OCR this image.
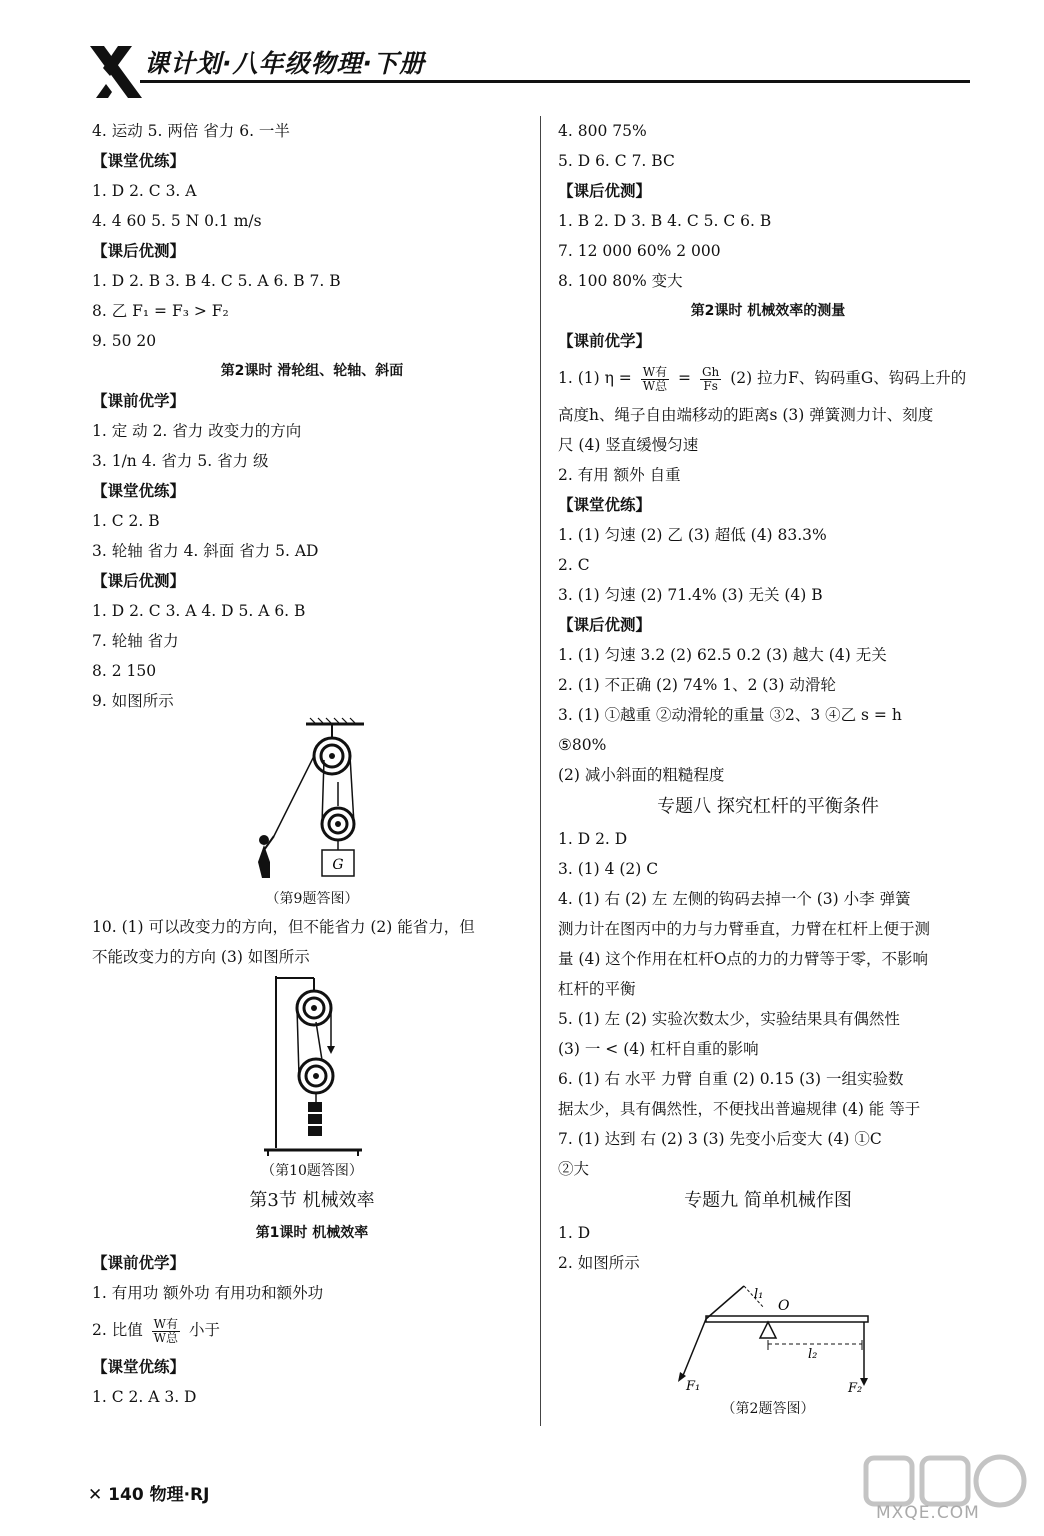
课计划·八年级物理·下册
4. 运动 5. 两倍 省力 6. 一半
【课堂优练】
1. D 2. C 3. A
4. 4 60 5. 5 N 0.1 m/s
【课后优测】
1. D 2. B 3. B 4. C 5. A 6. B 7. B
8. 乙 F₁ = F₃ > F₂
9. 50 20
第2课时 滑轮组、轮轴、斜面
【课前优学】
1. 定 动 2. 省力 改变力的方向
3. 1/n 4. 省力 5. 省力 级
【课堂优练】
1. C 2. B
3. 轮轴 省力 4. 斜面 省力 5. AD
【课后优测】
1. D 2. C 3. A 4. D 5. A 6. B
7. 轮轴 省力
8. 2 150
9. 如图所示
G
（第9题答图）
10. (1) 可以改变力的方向，但不能省力 (2) 能省力，但
不能改变力的方向 (3) 如图所示
（第10题答图）
第3节 机械效率
第1课时 机械效率
【课前优学】
1. 有用功 额外功 有用功和额外功
2. 比值 $\frac{\text{W有}}{\text{W总}}$ 小于
【课堂优练】
1. C 2. A 3. D
4. 800 75%
5. D 6. C 7. BC
【课后优测】
1. B 2. D 3. B 4. C 5. C 6. B
7. 12 000 60% 2 000
8. 100 80% 变大
第2课时 机械效率的测量
【课前优学】
1. (1) $\eta = \frac{\text{W有}}{\text{W总}} = \frac{Gh}{Fs} (2)$ 拉力F、钩码重G、钩码上升的
高度h、绳子自由端移动的距离s (3) 弹簧测力计、刻度
尺 (4) 竖直缓慢匀速
2. 有用 额外 自重
【课堂优练】
1. (1) 匀速 (2) 乙 (3) 超低 (4) 83.3%
2. C
3. (1) 匀速 (2) 71.4% (3) 无关 (4) B
【课后优测】
1. (1) 匀速 3.2 (2) 62.5 0.2 (3) 越大 (4) 无关
2. (1) 不正确 (2) 74% 1、2 (3) 动滑轮
3. (1) ①越重 ②动滑轮的重量 ③2、3 ④乙 s = h
⑤80%
(2) 减小斜面的粗糙程度
专题八 探究杠杆的平衡条件
1. D 2. D
3. (1) 4 (2) C
4. (1) 右 (2) 左 左侧的钩码去掉一个 (3) 小李 弹簧
测力计在图丙中的力与力臂垂直，力臂在杠杆上便于测
量 (4) 这个作用在杠杆O点的力的力臂等于零，不影响
杠杆的平衡
5. (1) 左 (2) 实验次数太少，实验结果具有偶然性
(3) 一 < (4) 杠杆自重的影响
6. (1) 右 水平 力臂 自重 (2) 0.15 (3) 一组实验数
据太少，具有偶然性，不便找出普遍规律 (4) 能 等于
7. (1) 达到 右 (2) 3 (3) 先变小后变大 (4) ①C
②大
专题九 简单机械作图
1. D
2. 如图所示
l₁
O
l₂
F₁	F₂
（第2题答图）
✕ 140 物理·RJ
MXQE.COM
